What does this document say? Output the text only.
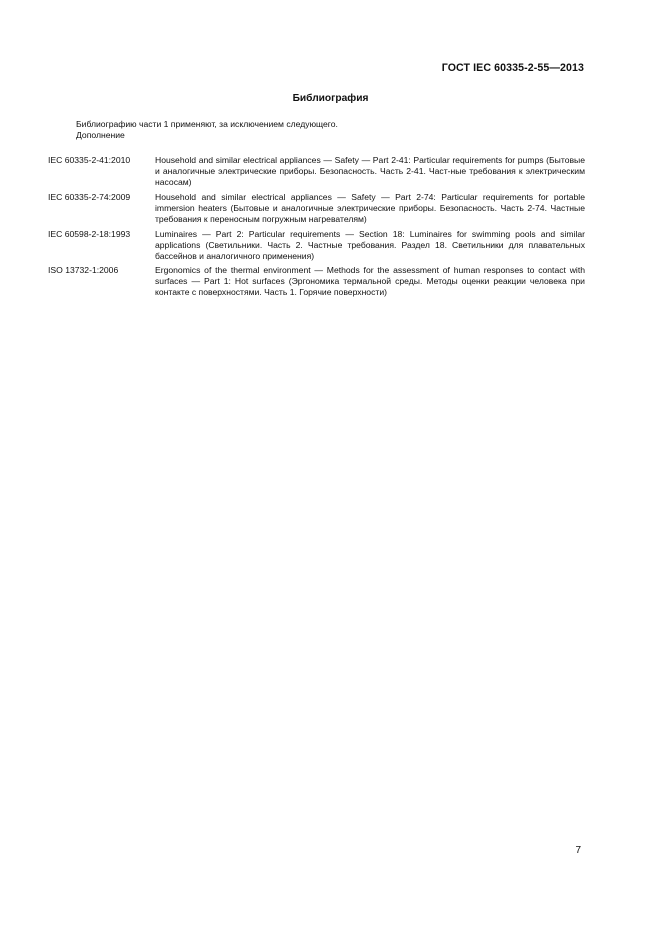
ГОСТ IEC 60335-2-55—2013
Библиография
Библиографию части 1 применяют, за исключением следующего.
Дополнение
IEC 60335-2-41:2010	Household and similar electrical appliances — Safety — Part 2-41: Particular requirements for pumps (Бытовые и аналогичные электрические приборы. Безопасность. Часть 2-41. Част-ные требования к электрическим насосам)
IEC 60335-2-74:2009	Household and similar electrical appliances — Safety — Part 2-74: Particular requirements for portable immersion heaters (Бытовые и аналогичные электрические приборы. Безопасность. Часть 2-74. Частные требования к переносным погружным нагревателям)
IEC 60598-2-18:1993	Luminaires — Part 2: Particular requirements — Section 18: Luminaires for swimming pools and similar applications (Светильники. Часть 2. Частные требования. Раздел 18. Светильники для плавательных бассейнов и аналогичного применения)
ISO 13732-1:2006	Ergonomics of the thermal environment — Methods for the assessment of human responses to contact with surfaces — Part 1: Hot surfaces (Эргономика термальной среды. Методы оценки реакции человека при контакте с поверхностями. Часть 1. Горячие поверхности)
7
